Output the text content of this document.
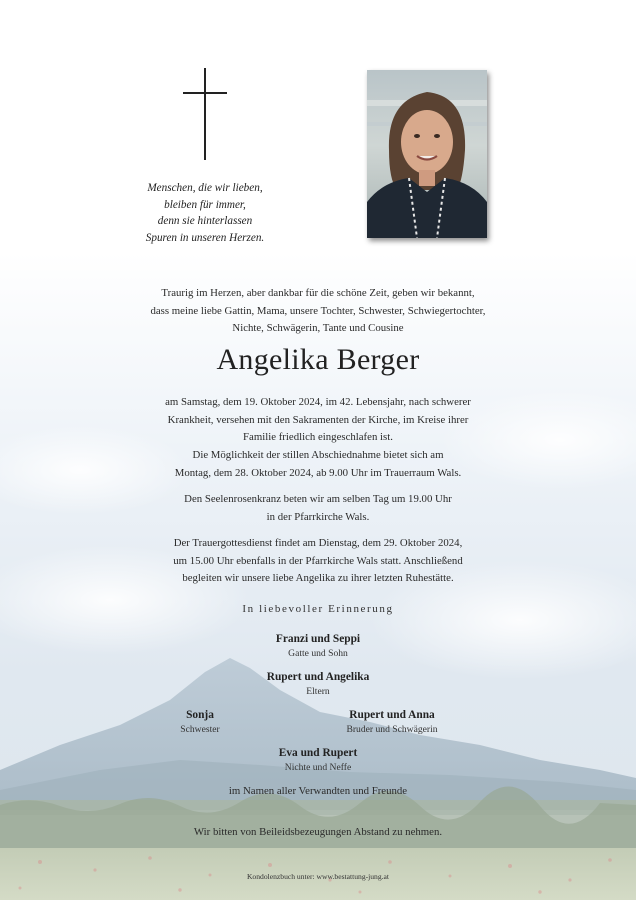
Menschen, die wir lieben,
bleiben für immer,
denn sie hinterlassen
Spuren in unseren Herzen.
Traurig im Herzen, aber dankbar für die schöne Zeit, geben wir bekannt,
dass meine liebe Gattin, Mama, unsere Tochter, Schwester, Schwiegertochter,
Nichte, Schwägerin, Tante und Cousine
Angelika Berger
am Samstag, dem 19. Oktober 2024, im 42. Lebensjahr, nach schwerer
Krankheit, versehen mit den Sakramenten der Kirche, im Kreise ihrer
Familie friedlich eingeschlafen ist.
Die Möglichkeit der stillen Abschiednahme bietet sich am
Montag, dem 28. Oktober 2024, ab 9.00 Uhr im Trauerraum Wals.
Den Seelenrosenkranz beten wir am selben Tag um 19.00 Uhr
in der Pfarrkirche Wals.
Der Trauergottesdienst findet am Dienstag, dem 29. Oktober 2024,
um 15.00 Uhr ebenfalls in der Pfarrkirche Wals statt. Anschließend
begleiten wir unsere liebe Angelika zu ihrer letzten Ruhestätte.
In liebevoller Erinnerung
Franzi und Seppi
Gatte und Sohn
Rupert und Angelika
Eltern
Sonja
Schwester
Rupert und Anna
Bruder und Schwägerin
Eva und Rupert
Nichte und Neffe
im Namen aller Verwandten und Freunde
Wir bitten von Beileidsbezeugungen Abstand zu nehmen.
Kondolenzbuch unter: www.bestattung-jung.at
